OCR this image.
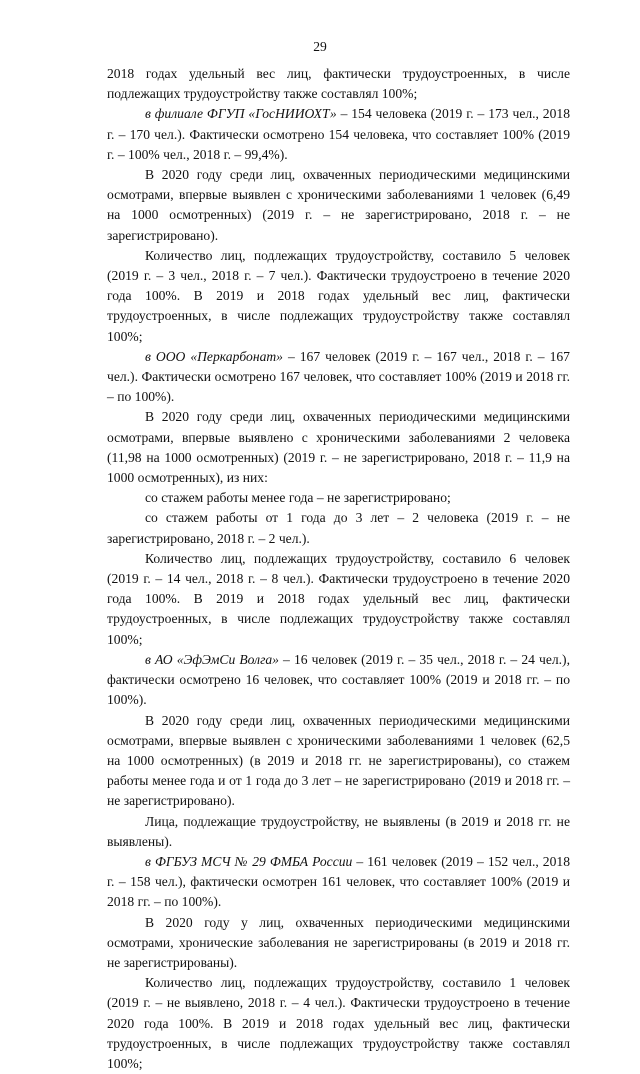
29

2018 годах удельный вес лиц, фактически трудоустроенных, в числе подлежащих трудоустройству также составлял 100%;

в филиале ФГУП «ГосНИИОХТ» – 154 человека (2019 г. – 173 чел., 2018 г. – 170 чел.). Фактически осмотрено 154 человека, что составляет 100% (2019 г. – 100% чел., 2018 г. – 99,4%).

В 2020 году среди лиц, охваченных периодическими медицинскими осмотрами, впервые выявлен с хроническими заболеваниями 1 человек (6,49 на 1000 осмотренных) (2019 г. – не зарегистрировано, 2018 г. – не зарегистрировано).

Количество лиц, подлежащих трудоустройству, составило 5 человек (2019 г. – 3 чел., 2018 г. – 7 чел.). Фактически трудоустроено в течение 2020 года 100%. В 2019 и 2018 годах удельный вес лиц, фактически трудоустроенных, в числе подлежащих трудоустройству также составлял 100%;

в ООО «Перкарбонат» – 167 человек (2019 г. – 167 чел., 2018 г. – 167 чел.). Фактически осмотрено 167 человек, что составляет 100% (2019 и 2018 гг. – по 100%).

В 2020 году среди лиц, охваченных периодическими медицинскими осмотрами, впервые выявлено с хроническими заболеваниями 2 человека (11,98 на 1000 осмотренных) (2019 г. – не зарегистрировано, 2018 г. – 11,9 на 1000 осмотренных), из них:

со стажем работы менее года – не зарегистрировано;

со стажем работы от 1 года до 3 лет – 2 человека (2019 г. – не зарегистрировано, 2018 г. – 2 чел.).

Количество лиц, подлежащих трудоустройству, составило 6 человек (2019 г. – 14 чел., 2018 г. – 8 чел.). Фактически трудоустроено в течение 2020 года 100%. В 2019 и 2018 годах удельный вес лиц, фактически трудоустроенных, в числе подлежащих трудоустройству также составлял 100%;

в АО «ЭфЭмСи Волга» – 16 человек (2019 г. – 35 чел., 2018 г. – 24 чел.), фактически осмотрено 16 человек, что составляет 100% (2019 и 2018 гг. – по 100%).

В 2020 году среди лиц, охваченных периодическими медицинскими осмотрами, впервые выявлен с хроническими заболеваниями 1 человек (62,5 на 1000 осмотренных) (в 2019 и 2018 гг. не зарегистрированы), со стажем работы менее года и от 1 года до 3 лет – не зарегистрировано (2019 и 2018 гг. – не зарегистрировано).

Лица, подлежащие трудоустройству, не выявлены (в 2019 и 2018 гг. не выявлены).

в ФГБУЗ МСЧ № 29 ФМБА России – 161 человек (2019 – 152 чел., 2018 г. – 158 чел.), фактически осмотрен 161 человек, что составляет 100% (2019 и 2018 гг. – по 100%).

В 2020 году у лиц, охваченных периодическими медицинскими осмотрами, хронические заболевания не зарегистрированы (в 2019 и 2018 гг. не зарегистрированы).

Количество лиц, подлежащих трудоустройству, составило 1 человек (2019 г. – не выявлено, 2018 г. – 4 чел.). Фактически трудоустроено в течение 2020 года 100%. В 2019 и 2018 годах удельный вес лиц, фактически трудоустроенных, в числе подлежащих трудоустройству также составлял 100%;
